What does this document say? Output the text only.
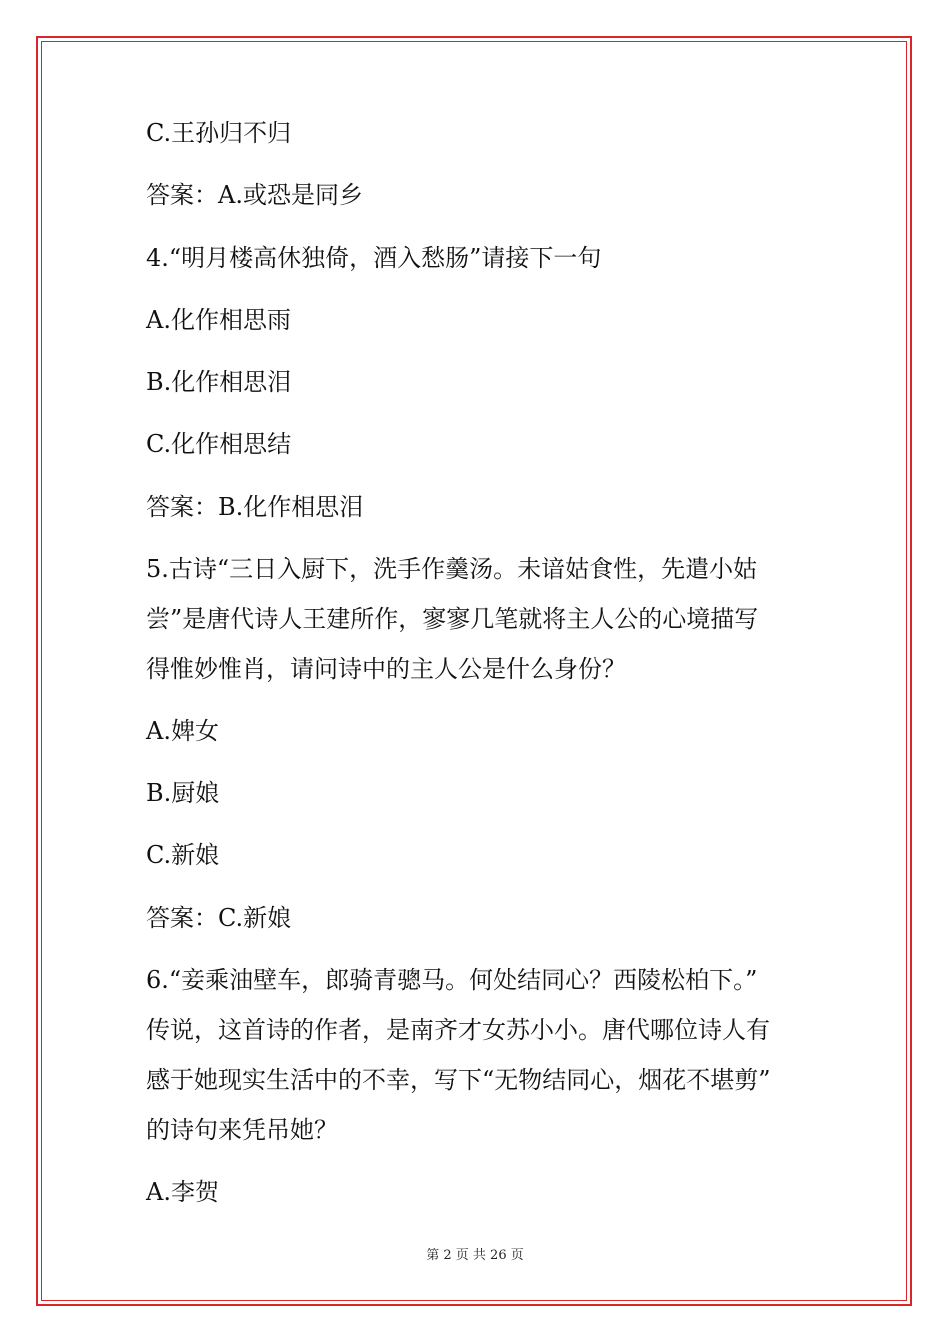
C.王孙归不归
答案：A.或恐是同乡
4.“明月楼高休独倚，酒入愁肠”请接下一句
A.化作相思雨
B.化作相思泪
C.化作相思结
答案：B.化作相思泪
5.古诗“三日入厨下，洗手作羹汤。未谙姑食性，先遣小姑
尝”是唐代诗人王建所作，寥寥几笔就将主人公的心境描写
得惟妙惟肖，请问诗中的主人公是什么身份？
A.婢女
B.厨娘
C.新娘
答案：C.新娘
6.“妾乘油壁车，郎骑青骢马。何处结同心？西陵松柏下。”
传说，这首诗的作者，是南齐才女苏小小。唐代哪位诗人有
感于她现实生活中的不幸，写下“无物结同心，烟花不堪剪”
的诗句来凭吊她？
A.李贺
第 2 页 共 26 页
